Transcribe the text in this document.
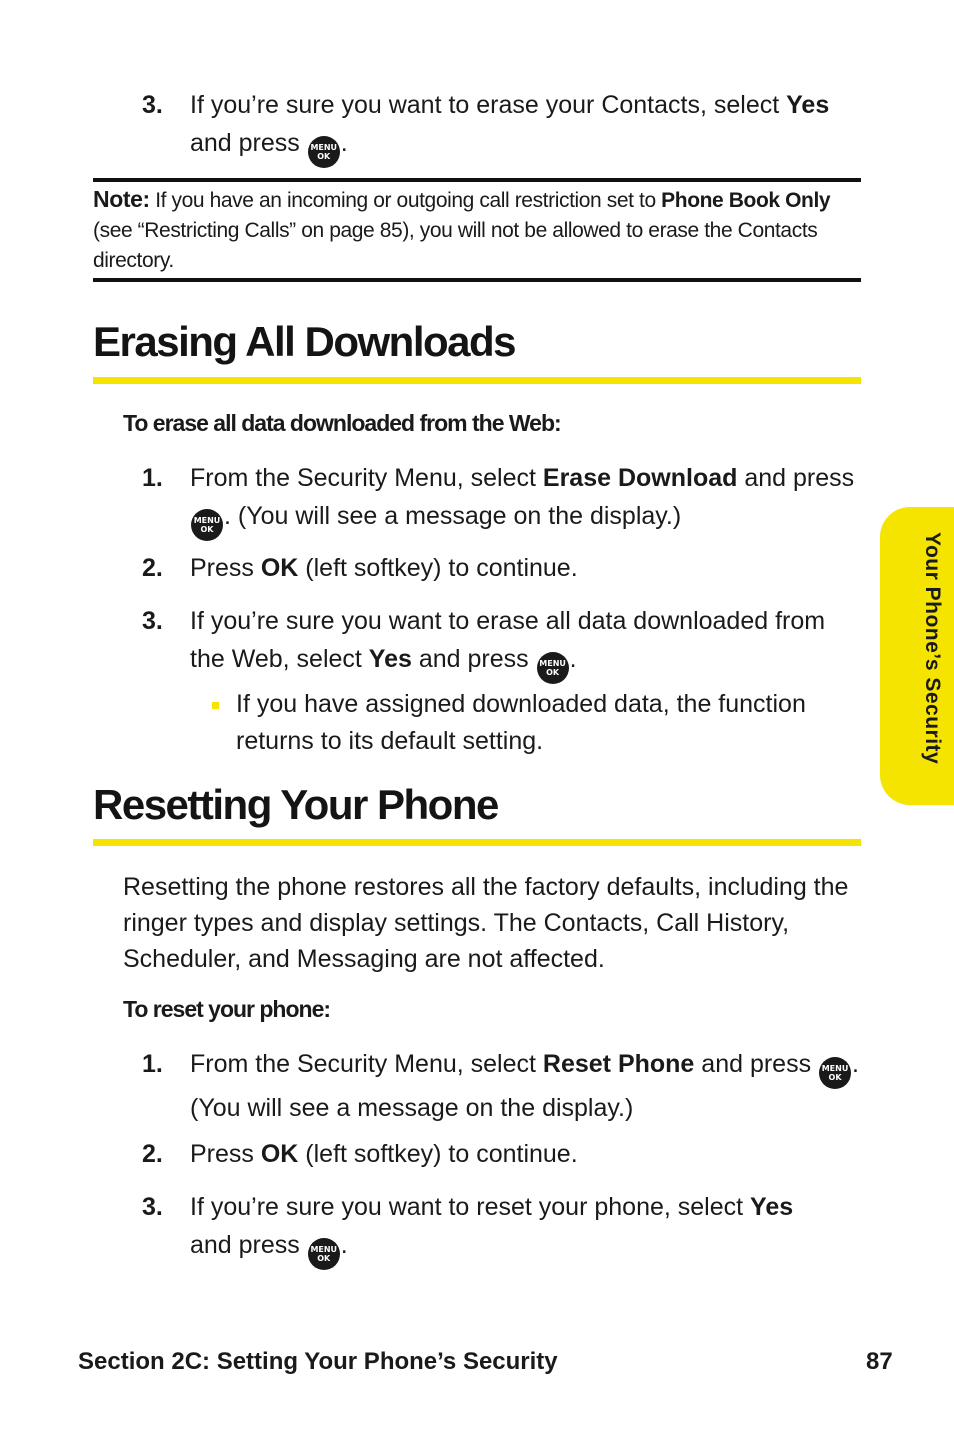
3. If you’re sure you want to erase your Contacts, select Yes
and press MENU
OK .
Note: If you have an incoming or outgoing call restriction set to Phone Book Only (see “Restricting Calls” on page 85), you will not be allowed to erase the Contacts directory.
Erasing All Downloads
To erase all data downloaded from the Web:
1. From the Security Menu, select Erase Download and press
MENU
OK . (You will see a message on the display.)
2. Press OK (left softkey) to continue.
3. If you’re sure you want to erase all data downloaded from the Web, select Yes and press MENU
OK .
If you have assigned downloaded data, the function returns to its default setting.
Resetting Your Phone
Resetting the phone restores all the factory defaults, including the ringer types and display settings. The Contacts, Call History, Scheduler, and Messaging are not affected.
To reset your phone:
1. From the Security Menu, select Reset Phone and press MENU
OK . (You will see a message on the display.)
2. Press OK (left softkey) to continue.
3. If you’re sure you want to reset your phone, select Yes
and press MENU
OK .
Your Phone’s Security
Section 2C: Setting Your Phone’s Security	87
